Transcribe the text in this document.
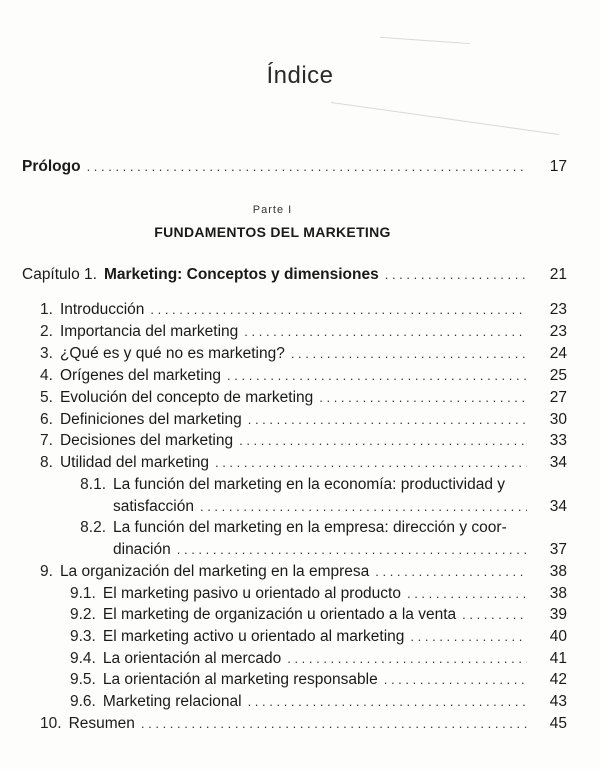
Índice
Prólogo . . .	17
Parte I
FUNDAMENTOS DEL MARKETING
Capítulo 1. Marketing: Conceptos y dimensiones . . .	21
1. Introducción . . .	23
2. Importancia del marketing . . .	23
3. ¿Qué es y qué no es marketing? . . .	24
4. Orígenes del marketing . . .	25
5. Evolución del concepto de marketing . . .	27
6. Definiciones del marketing . . .	30
7. Decisiones del marketing . . .	33
8. Utilidad del marketing . . .	34
8.1. La función del marketing en la economía: productividad y
satisfacción . . .	34
8.2. La función del marketing en la empresa: dirección y coor-
dinación . . .	37
9. La organización del marketing en la empresa . . .	38
9.1. El marketing pasivo u orientado al producto . . .	38
9.2. El marketing de organización u orientado a la venta . . .	39
9.3. El marketing activo u orientado al marketing . . .	40
9.4. La orientación al mercado . . .	41
9.5. La orientación al marketing responsable . . .	42
9.6. Marketing relacional . . .	43
10. Resumen . . .	45
